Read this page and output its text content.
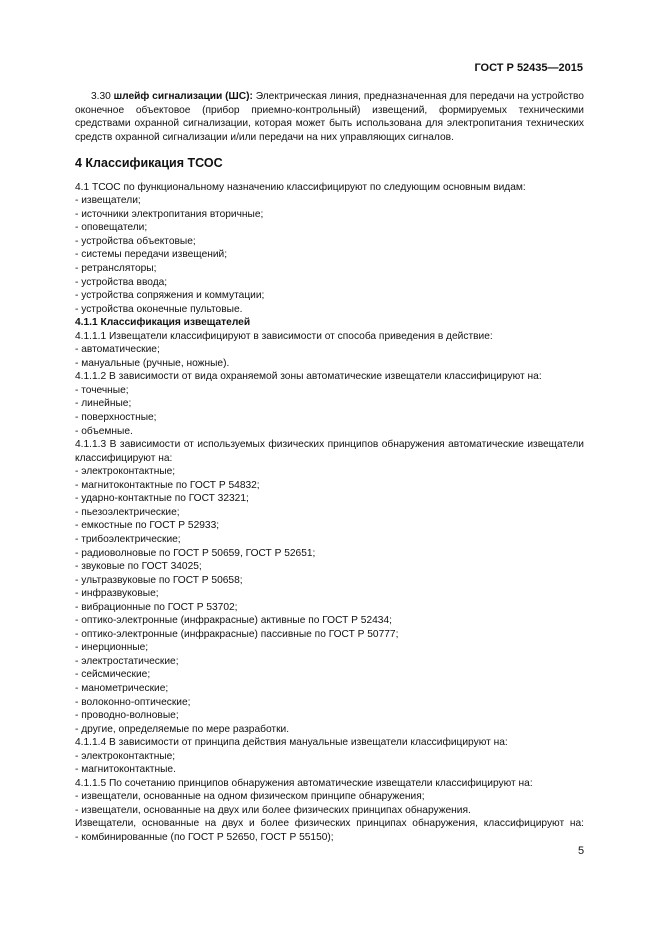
ГОСТ Р 52435—2015

3.30 шлейф сигнализации (ШС): Электрическая линия, предназначенная для передачи на устройство оконечное объектовое (прибор приемно-контрольный) извещений, формируемых техническими средствами охранной сигнализации, которая может быть использована для электропитания технических средств охранной сигнализации и/или передачи на них управляющих сигналов.

4 Классификация ТСОС

4.1 ТСОС по функциональному назначению классифицируют по следующим основным видам:

- извещатели;

- источники электропитания вторичные;

- оповещатели;

- устройства объектовые;

- системы передачи извещений;

- ретрансляторы;

- устройства ввода;

- устройства сопряжения и коммутации;

- устройства оконечные пультовые.

4.1.1 Классификация извещателей

4.1.1.1 Извещатели классифицируют в зависимости от способа приведения в действие:

- автоматические;

- мануальные (ручные, ножные).

4.1.1.2 В зависимости от вида охраняемой зоны автоматические извещатели классифицируют на:

- точечные;

- линейные;

- поверхностные;

- объемные.

4.1.1.3 В зависимости от используемых физических принципов обнаружения автоматические извещатели классифицируют на:

- электроконтактные;

- магнитоконтактные по ГОСТ Р 54832;

- ударно-контактные по ГОСТ 32321;

- пьезоэлектрические;

- емкостные по ГОСТ Р 52933;

- трибоэлектрические;

- радиоволновые по ГОСТ Р 50659, ГОСТ Р 52651;

- звуковые по ГОСТ 34025;

- ультразвуковые по ГОСТ Р 50658;

- инфразвуковые;

- вибрационные по ГОСТ Р 53702;

- оптико-электронные (инфракрасные) активные по ГОСТ Р 52434;

- оптико-электронные (инфракрасные) пассивные по ГОСТ Р 50777;

- инерционные;

- электростатические;

- сейсмические;

- манометрические;

- волоконно-оптические;

- проводно-волновые;

- другие, определяемые по мере разработки.

4.1.1.4 В зависимости от принципа действия мануальные извещатели классифицируют на:

- электроконтактные;

- магнитоконтактные.

4.1.1.5 По сочетанию принципов обнаружения автоматические извещатели классифицируют на:

- извещатели, основанные на одном физическом принципе обнаружения;

- извещатели, основанные на двух или более физических принципах обнаружения.

Извещатели, основанные на двух и более физических принципах обнаружения, классифицируют на:

- комбинированные (по ГОСТ Р 52650, ГОСТ Р 55150);

5
